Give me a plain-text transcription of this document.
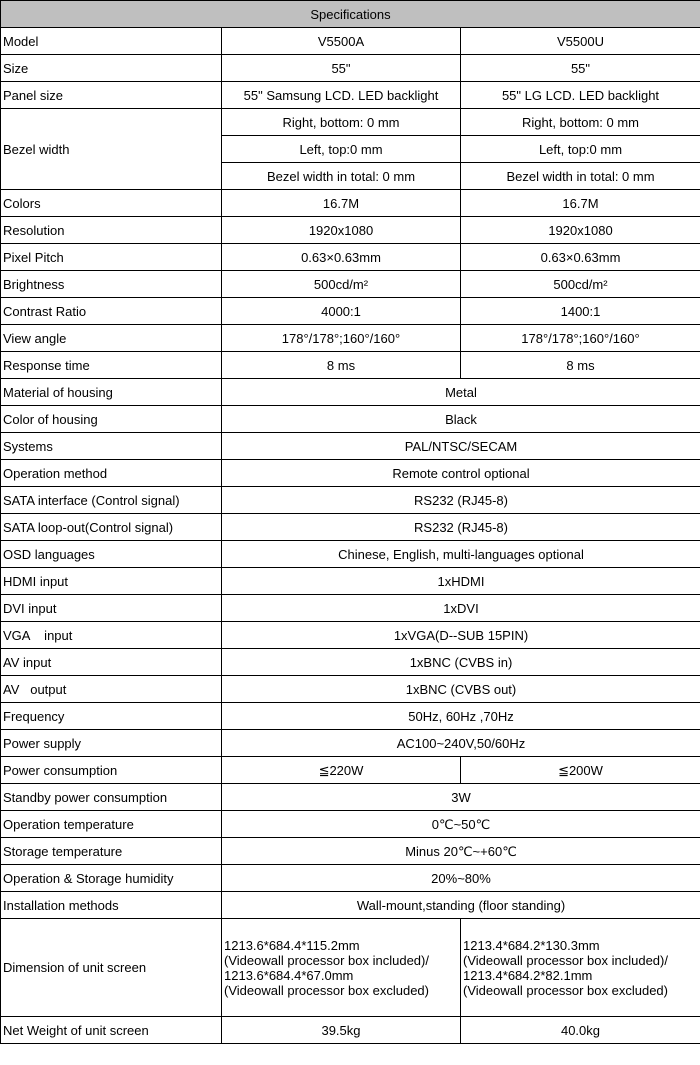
Specifications		
Model	V5500A	V5500U
Size	55"	55"
Panel size	55" Samsung LCD. LED backlight	55" LG LCD. LED backlight
Bezel width	Right, bottom: 0 mm	Right, bottom: 0 mm
	Left, top:0 mm	Left, top:0 mm
	Bezel width in total: 0 mm	Bezel width in total: 0 mm
Colors	16.7M	16.7M
Resolution	1920x1080	1920x1080
Pixel Pitch	0.63×0.63mm	0.63×0.63mm
Brightness	500cd/m²	500cd/m²
Contrast Ratio	4000:1	1400:1
View angle	178°/178°;160°/160°	178°/178°;160°/160°
Response time	8 ms	8 ms
Material of housing	Metal	
Color of housing	Black	
Systems	PAL/NTSC/SECAM	
Operation method	Remote control optional	
SATA interface (Control signal)	RS232 (RJ45-8)	
SATA loop-out(Control signal)	RS232 (RJ45-8)	
OSD languages	Chinese, English, multi-languages optional	
HDMI input	1xHDMI	
DVI input	1xDVI	
VGA    input	1xVGA(D--SUB 15PIN)	
AV input	1xBNC (CVBS in)	
AV   output	1xBNC (CVBS out)	
Frequency	50Hz, 60Hz ,70Hz	
Power supply	AC100~240V,50/60Hz	
Power consumption	≦220W	≦200W
Standby power consumption	3W	
Operation temperature	0℃~50℃	
Storage temperature	Minus 20℃~+60℃	
Operation & Storage humidity	20%~80%	
Installation methods	Wall-mount,standing (floor standing)	
Dimension of unit screen	1213.6*684.4*115.2mm
(Videowall processor box included)/
1213.6*684.4*67.0mm
(Videowall processor box excluded)	1213.4*684.2*130.3mm
(Videowall processor box included)/
1213.4*684.2*82.1mm
(Videowall processor box excluded)

Net Weight of unit screen	39.5kg	40.0kg
